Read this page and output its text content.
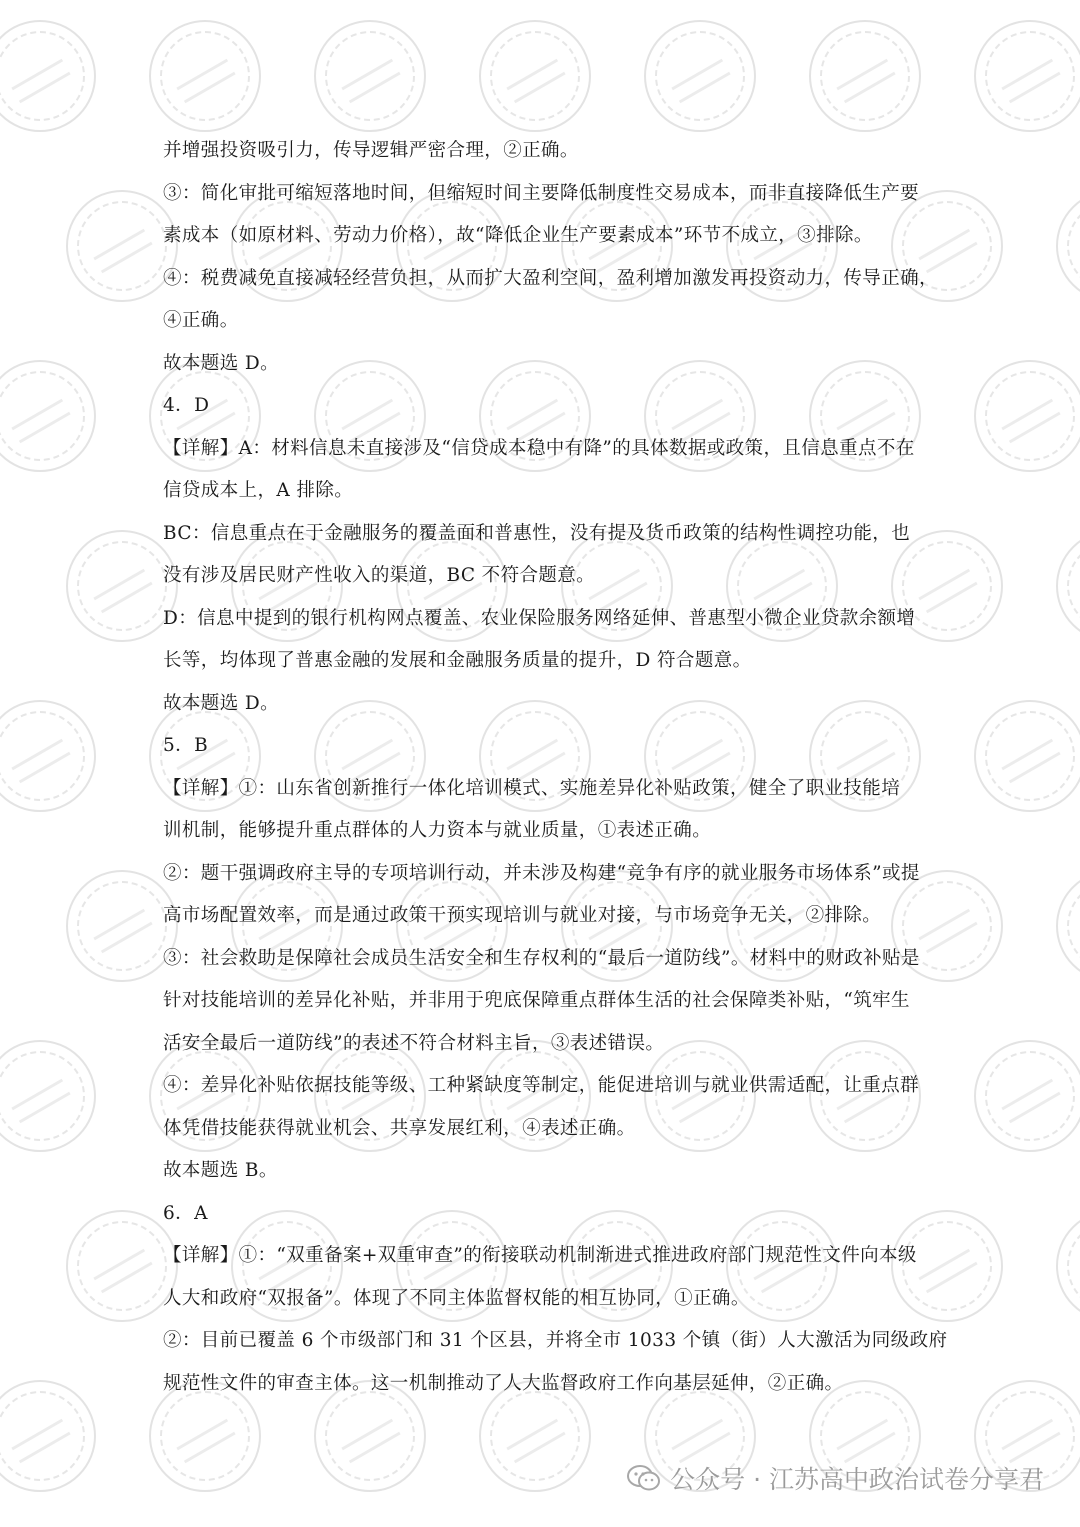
并增强投资吸引力，传导逻辑严密合理，②正确。
③：简化审批可缩短落地时间，但缩短时间主要降低制度性交易成本，而非直接降低生产要
素成本（如原材料、劳动力价格），故“降低企业生产要素成本”环节不成立，③排除。
④：税费减免直接减轻经营负担，从而扩大盈利空间，盈利增加激发再投资动力，传导正确，
④正确。
故本题选 D。
4．D
【详解】A：材料信息未直接涉及“信贷成本稳中有降”的具体数据或政策，且信息重点不在
信贷成本上，A 排除。
BC：信息重点在于金融服务的覆盖面和普惠性，没有提及货币政策的结构性调控功能，也
没有涉及居民财产性收入的渠道，BC 不符合题意。
D：信息中提到的银行机构网点覆盖、农业保险服务网络延伸、普惠型小微企业贷款余额增
长等，均体现了普惠金融的发展和金融服务质量的提升，D 符合题意。
故本题选 D。
5．B
【详解】①：山东省创新推行一体化培训模式、实施差异化补贴政策，健全了职业技能培
训机制，能够提升重点群体的人力资本与就业质量，①表述正确。
②：题干强调政府主导的专项培训行动，并未涉及构建“竞争有序的就业服务市场体系”或提
高市场配置效率，而是通过政策干预实现培训与就业对接，与市场竞争无关，②排除。
③：社会救助是保障社会成员生活安全和生存权利的“最后一道防线”。材料中的财政补贴是
针对技能培训的差异化补贴，并非用于兜底保障重点群体生活的社会保障类补贴，“筑牢生
活安全最后一道防线”的表述不符合材料主旨，③表述错误。
④：差异化补贴依据技能等级、工种紧缺度等制定，能促进培训与就业供需适配，让重点群
体凭借技能获得就业机会、共享发展红利，④表述正确。
故本题选 B。
6．A
【详解】①：“双重备案+双重审查”的衔接联动机制渐进式推进政府部门规范性文件向本级
人大和政府“双报备”。体现了不同主体监督权能的相互协同，①正确。
②：目前已覆盖 6 个市级部门和 31 个区县，并将全市 1033 个镇（街）人大激活为同级政府
规范性文件的审查主体。这一机制推动了人大监督政府工作向基层延伸，②正确。
公众号 · 江苏高中政治试卷分享君
